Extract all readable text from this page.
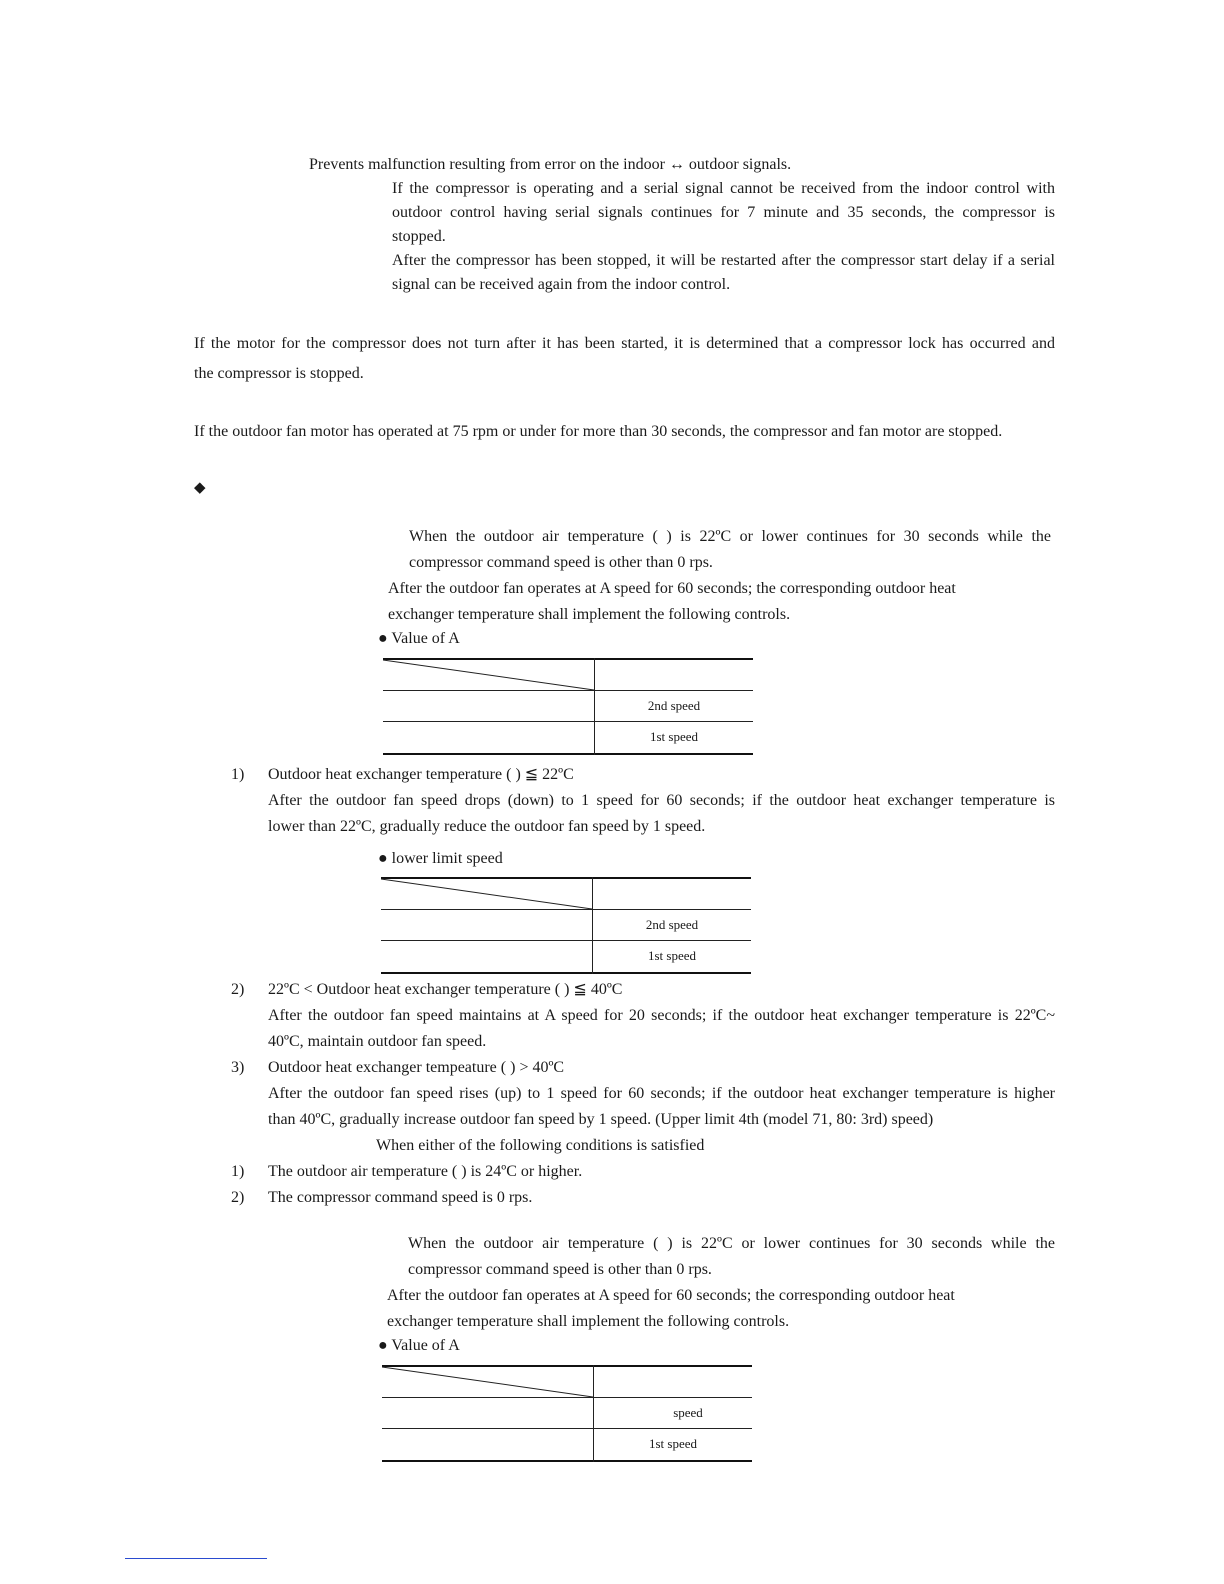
Prevents malfunction resulting from error on the indoor ↔ outdoor signals.
If the compressor is operating and a serial signal cannot be received from the indoor control with
outdoor control having serial signals continues for 7 minute and 35 seconds, the compressor is
stopped.
After the compressor has been stopped, it will be restarted after the compressor start delay if a serial
signal can be received again from the indoor control.
If the motor for the compressor does not turn after it has been started, it is determined that a compressor lock has occurred and
the compressor is stopped.
If the outdoor fan motor has operated at 75 rpm or under for more than 30 seconds, the compressor and fan motor are stopped.
◆
When the outdoor air temperature ( ) is 22ºC or lower continues for 30 seconds while the
compressor command speed is other than 0 rps.
After the outdoor fan operates at A speed for 60 seconds; the corresponding outdoor heat
exchanger temperature shall implement the following controls.
● Value of A
2nd speed
1st speed
1) Outdoor heat exchanger temperature ( ) ≦ 22ºC
After the outdoor fan speed drops (down) to 1 speed for 60 seconds; if the outdoor heat exchanger temperature is
lower than 22ºC, gradually reduce the outdoor fan speed by 1 speed.
● lower limit speed
2nd speed
1st speed
2) 22ºC < Outdoor heat exchanger temperature ( ) ≦ 40ºC
After the outdoor fan speed maintains at A speed for 20 seconds; if the outdoor heat exchanger temperature is 22ºC~
40ºC, maintain outdoor fan speed.
3) Outdoor heat exchanger tempeature ( ) > 40ºC
After the outdoor fan speed rises (up) to 1 speed for 60 seconds; if the outdoor heat exchanger temperature is higher
than 40ºC, gradually increase outdoor fan speed by 1 speed. (Upper limit 4th (model 71, 80: 3rd) speed)
When either of the following conditions is satisfied
1) The outdoor air temperature ( ) is 24ºC or higher.
2) The compressor command speed is 0 rps.
When the outdoor air temperature ( ) is 22ºC or lower continues for 30 seconds while the
compressor command speed is other than 0 rps.
After the outdoor fan operates at A speed for 60 seconds; the corresponding outdoor heat
exchanger temperature shall implement the following controls.
● Value of A
speed
1st speed
